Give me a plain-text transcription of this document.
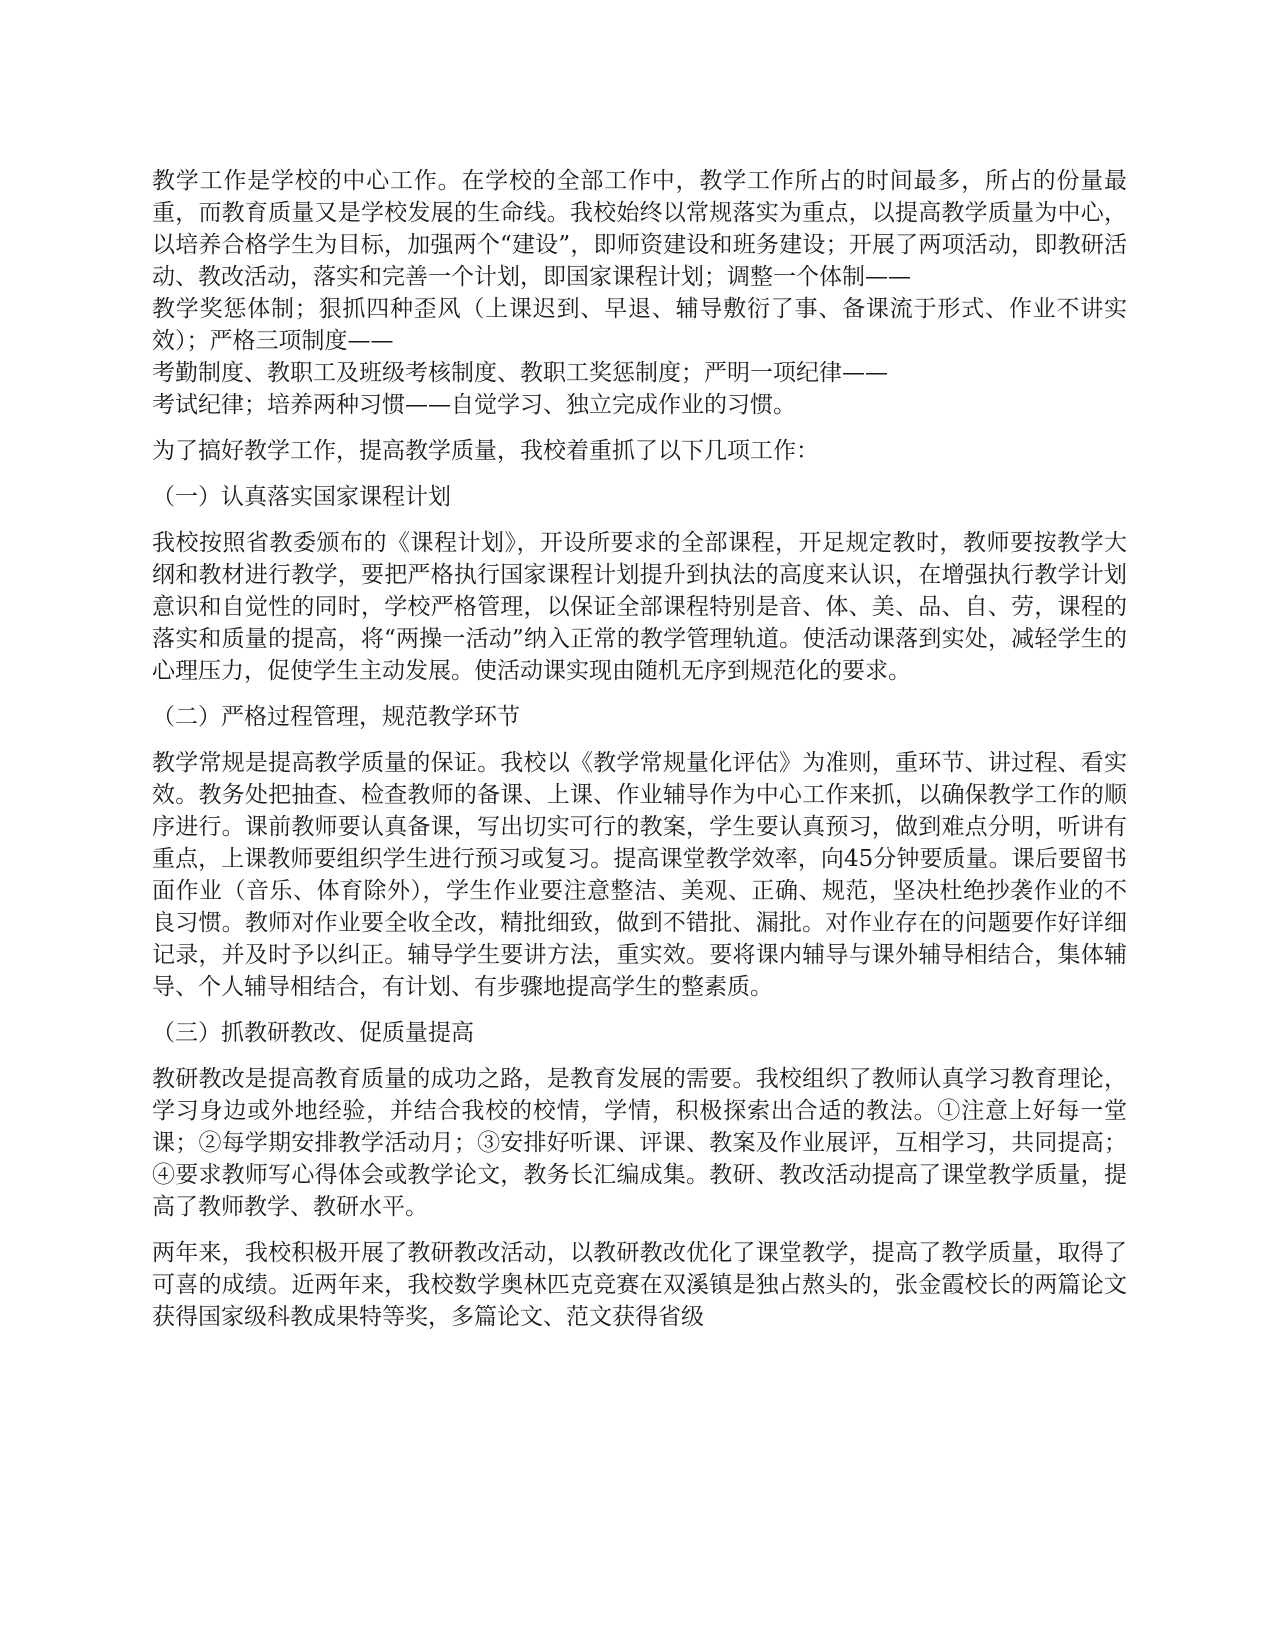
教学工作是学校的中心工作。在学校的全部工作中，教学工作所占的时间最多，所占的份量最重，而教育质量又是学校发展的生命线。我校始终以常规落实为重点，以提高教学质量为中心，以培养合格学生为目标，加强两个“建设”，即师资建设和班务建设；开展了两项活动，即教研活动、教改活动，落实和完善一个计划，即国家课程计划；调整一个体制——
教学奖惩体制；狠抓四种歪风（上课迟到、早退、辅导敷衍了事、备课流于形式、作业不讲实效）；严格三项制度——
考勤制度、教职工及班级考核制度、教职工奖惩制度；严明一项纪律——
考试纪律；培养两种习惯——自觉学习、独立完成作业的习惯。

为了搞好教学工作，提高教学质量，我校着重抓了以下几项工作：

（一）认真落实国家课程计划

我校按照省教委颁布的《课程计划》，开设所要求的全部课程，开足规定教时，教师要按教学大纲和教材进行教学，要把严格执行国家课程计划提升到执法的高度来认识，在增强执行教学计划意识和自觉性的同时，学校严格管理，以保证全部课程特别是音、体、美、品、自、劳，课程的落实和质量的提高，将“两操一活动”纳入正常的教学管理轨道。使活动课落到实处，减轻学生的心理压力，促使学生主动发展。使活动课实现由随机无序到规范化的要求。

（二）严格过程管理，规范教学环节

教学常规是提高教学质量的保证。我校以《教学常规量化评估》为准则，重环节、讲过程、看实效。教务处把抽查、检查教师的备课、上课、作业辅导作为中心工作来抓，以确保教学工作的顺序进行。课前教师要认真备课，写出切实可行的教案，学生要认真预习，做到难点分明，听讲有重点，上课教师要组织学生进行预习或复习。提高课堂教学效率，向45分钟要质量。课后要留书面作业（音乐、体育除外），学生作业要注意整洁、美观、正确、规范，坚决杜绝抄袭作业的不良习惯。教师对作业要全收全改，精批细致，做到不错批、漏批。对作业存在的问题要作好详细记录，并及时予以纠正。辅导学生要讲方法，重实效。要将课内辅导与课外辅导相结合，集体辅导、个人辅导相结合，有计划、有步骤地提高学生的整素质。

（三）抓教研教改、促质量提高

教研教改是提高教育质量的成功之路，是教育发展的需要。我校组织了教师认真学习教育理论，学习身边或外地经验，并结合我校的校情，学情，积极探索出合适的教法。①注意上好每一堂课；②每学期安排教学活动月；③安排好听课、评课、教案及作业展评，互相学习，共同提高；④要求教师写心得体会或教学论文，教务长汇编成集。教研、教改活动提高了课堂教学质量，提高了教师教学、教研水平。

两年来，我校积极开展了教研教改活动，以教研教改优化了课堂教学，提高了教学质量，取得了可喜的成绩。近两年来，我校数学奥林匹克竞赛在双溪镇是独占熬头的，张金霞校长的两篇论文获得国家级科教成果特等奖，多篇论文、范文获得省级
